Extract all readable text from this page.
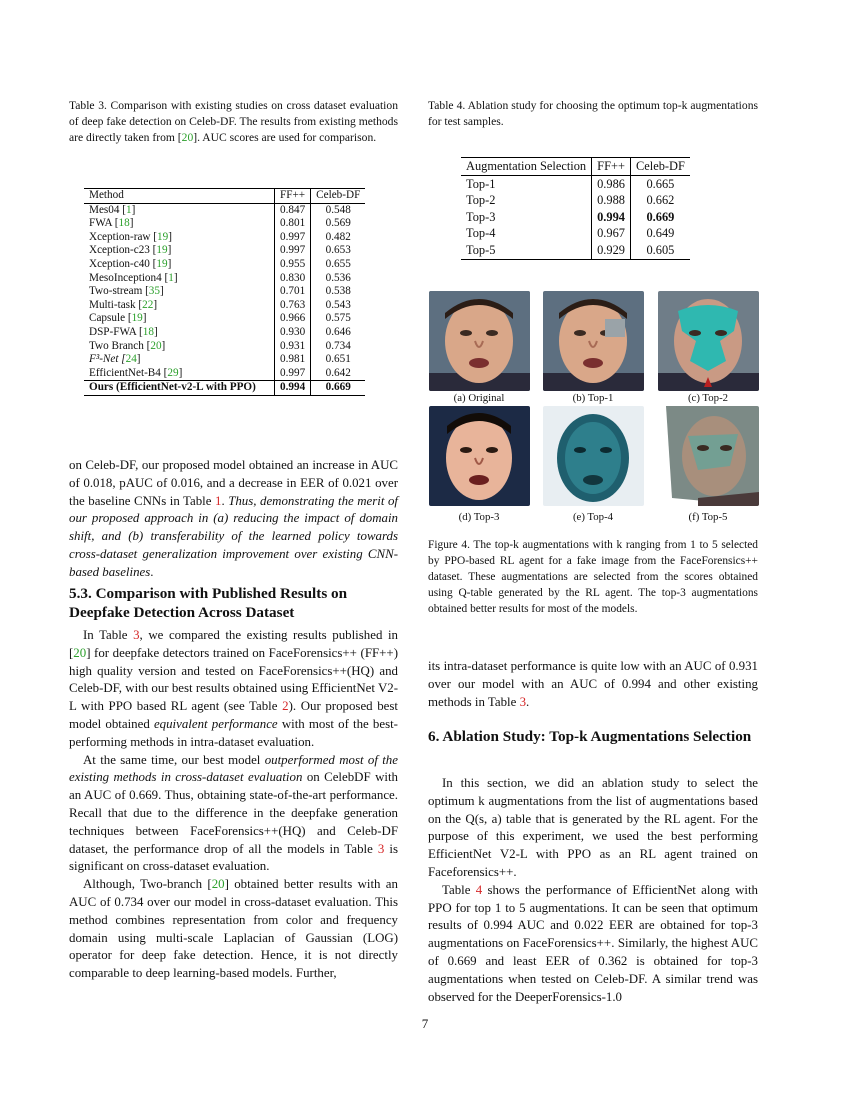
Table 3. Comparison with existing studies on cross dataset evaluation of deep fake detection on Celeb-DF. The results from existing methods are directly taken from [20]. AUC scores are used for comparison.
Method	FF++	Celeb-DF
Mes04 [1]	0.847	0.548
FWA [18]	0.801	0.569
Xception-raw [19]	0.997	0.482
Xception-c23 [19]	0.997	0.653
Xception-c40 [19]	0.955	0.655
MesoInception4 [1]	0.830	0.536
Two-stream [35]	0.701	0.538
Multi-task [22]	0.763	0.543
Capsule [19]	0.966	0.575
DSP-FWA [18]	0.930	0.646
Two Branch [20]	0.931	0.734
F³-Net [24]	0.981	0.651
EfficientNet-B4 [29]	0.997	0.642
Ours (EfficientNet-v2-L with PPO)	0.994	0.669

on Celeb-DF, our proposed model obtained an increase in AUC of 0.018, pAUC of 0.016, and a decrease in EER of 0.021 over the baseline CNNs in Table 1. Thus, demonstrating the merit of our proposed approach in (a) reducing the impact of domain shift, and (b) transferability of the learned policy towards cross-dataset generalization improvement over existing CNN-based baselines.

5.3. Comparison with Published Results on Deepfake Detection Across Dataset

In Table 3, we compared the existing results published in [20] for deepfake detectors trained on FaceForensics++ (FF++) high quality version and tested on FaceForensics++(HQ) and Celeb-DF, with our best results obtained using EfficientNet V2-L with PPO based RL agent (see Table 2). Our proposed best model obtained equivalent performance with most of the best-performing methods in intra-dataset evaluation.

At the same time, our best model outperformed most of the existing methods in cross-dataset evaluation on CelebDF with an AUC of 0.669. Thus, obtaining state-of-the-art performance. Recall that due to the difference in the deepfake generation techniques between FaceForensics++(HQ) and Celeb-DF dataset, the performance drop of all the models in Table 3 is significant on cross-dataset evaluation.

Although, Two-branch [20] obtained better results with an AUC of 0.734 over our model in cross-dataset evaluation. This method combines representation from color and frequency domain using multi-scale Laplacian of Gaussian (LOG) operator for deep fake detection. Hence, it is not directly comparable to deep learning-based models. Further,

Table 4. Ablation study for choosing the optimum top-k augmentations for test samples.
Augmentation Selection	FF++	Celeb-DF
Top-1	0.986	0.665
Top-2	0.988	0.662
Top-3	0.994	0.669
Top-4	0.967	0.649
Top-5	0.929	0.605
(a) Original	(b) Top-1	(c) Top-2
(d) Top-3	(e) Top-4	(f) Top-5
Figure 4. The top-k augmentations with k ranging from 1 to 5 selected by PPO-based RL agent for a fake image from the FaceForensics++ dataset. These augmentations are selected from the scores obtained using Q-table generated by the RL agent. The top-3 augmentations obtained better results for most of the models.

its intra-dataset performance is quite low with an AUC of 0.931 over our model with an AUC of 0.994 and other existing methods in Table 3.

6. Ablation Study: Top-k Augmentations Selection

In this section, we did an ablation study to select the optimum k augmentations from the list of augmentations based on the Q(s, a) table that is generated by the RL agent. For the purpose of this experiment, we used the best performing EfficientNet V2-L with PPO as an RL agent trained on Faceforensics++.

Table 4 shows the performance of EfficientNet along with PPO for top 1 to 5 augmentations. It can be seen that optimum results of 0.994 AUC and 0.022 EER are obtained for top-3 augmentations on FaceForensics++. Similarly, the highest AUC of 0.669 and least EER of 0.362 is obtained for top-3 augmentations when tested on Celeb-DF. A similar trend was observed for the DeeperForensics-1.0

7
